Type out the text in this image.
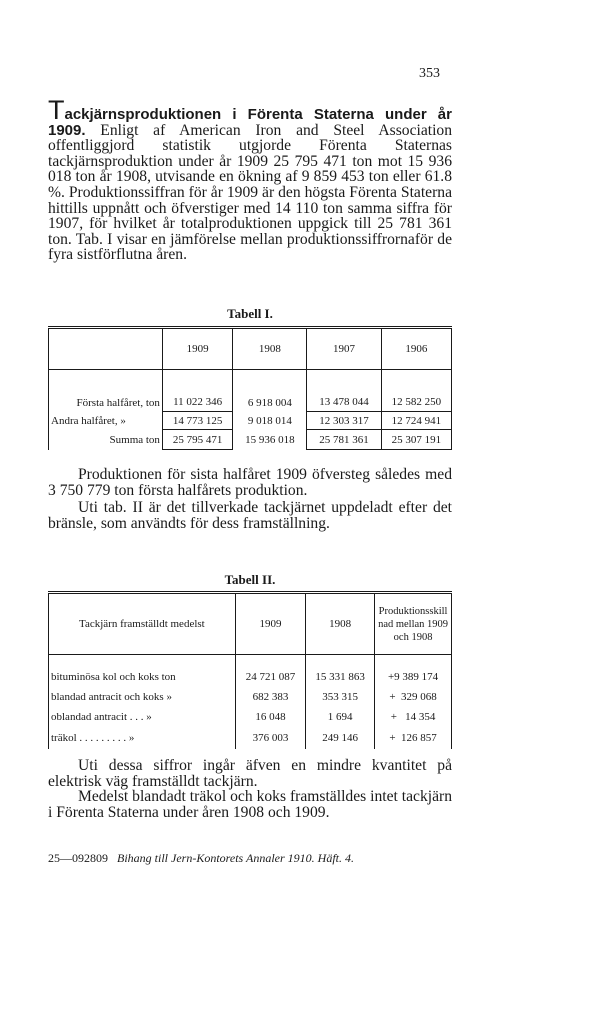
353

Tackjärnsproduktionen i Förenta Staterna under år 1909. Enligt af American Iron and Steel Association offentliggjord statistik utgjorde Förenta Staternas tackjärnsproduktion under år 1909 25 795 471 ton mot 15 936 018 ton år 1908, utvisande en ökning af 9 859 453 ton eller 61.8 %. Produktionssiffran för år 1909 är den högsta Förenta Staterna hittills uppnått och öfverstiger med 14 110 ton samma siffra för 1907, för hvilket år totalproduktionen uppgick till 25 781 361 ton. Tab. I visar en jämförelse mellan produktionssiffrornaför de fyra sistförflutna åren.

Tabell I.

	1909	1908	1907	1906

Första halfåret, ton	11 022 346	6 918 004	13 478 044	12 582 250
Andra halfåret, »	14 773 125	9 018 014	12 303 317	12 724 941
Summa ton	25 795 471	15 936 018	25 781 361	25 307 191

Produktionen för sista halfåret 1909 öfversteg således med 3 750 779 ton första halfårets produktion.

Uti tab. II är det tillverkade tackjärnet uppdeladt efter det bränsle, som användts för dess framställning.

Tabell II.

Tackjärn framställdt medelst	1909	1908	Produktionsskillnad mellan 1909 och 1908

bituminösa kol och koks ton	24 721 087	15 331 863	+9 389 174
blandad antracit och koks »	682 383	353 315	+ 329 068
oblandad antracit . . . »	16 048	1 694	+ 14 354
träkol . . . . . . . . . »	376 003	249 146	+ 126 857

Uti dessa siffror ingår äfven en mindre kvantitet på elektrisk väg framställdt tackjärn.

Medelst blandadt träkol och koks framställdes intet tackjärn i Förenta Staterna under åren 1908 och 1909.

25—092809 Bihang till Jern-Kontorets Annaler 1910. Häft. 4.
